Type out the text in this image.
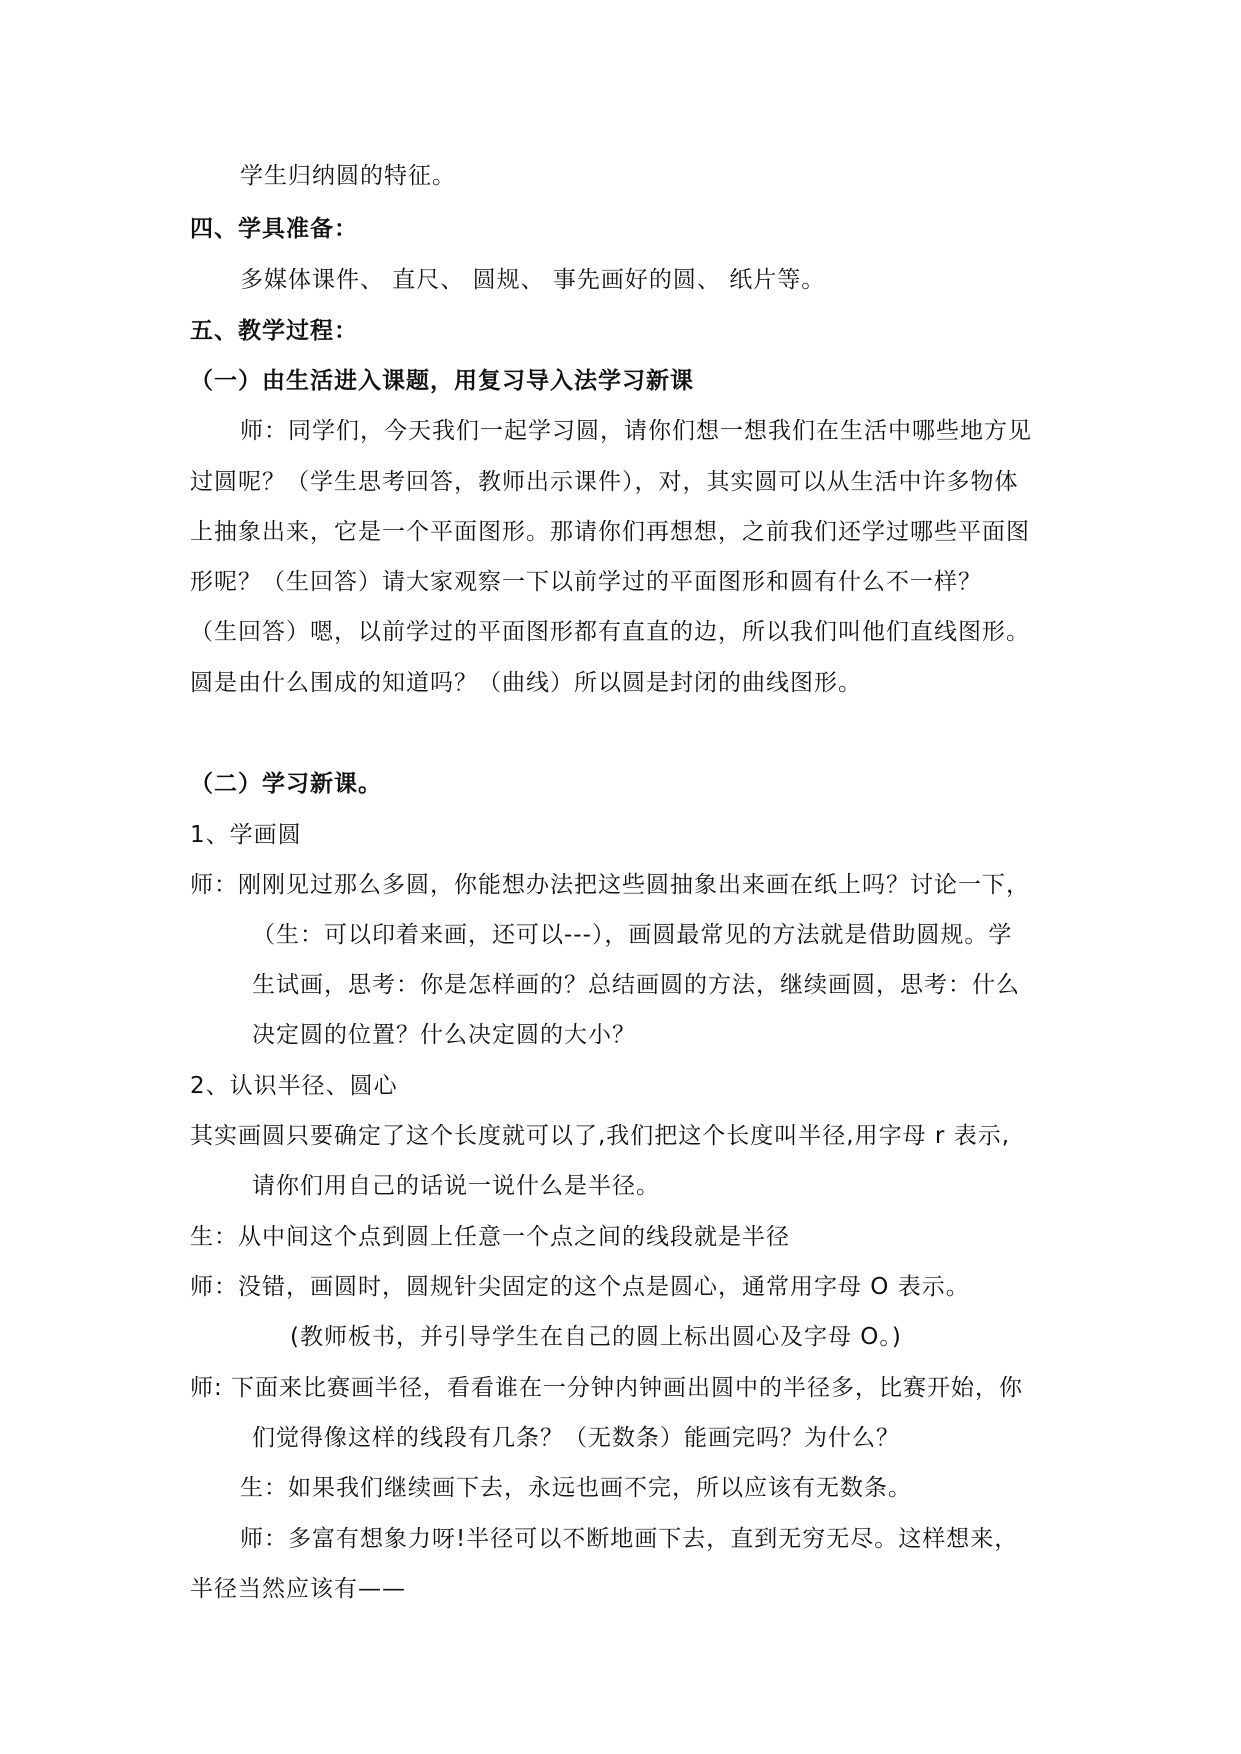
学生归纳圆的特征。
四、学具准备：
多媒体课件、 直尺、 圆规、 事先画好的圆、 纸片等。
五、教学过程：
（一）由生活进入课题，用复习导入法学习新课
师：同学们，今天我们一起学习圆，请你们想一想我们在生活中哪些地方见
过圆呢？（学生思考回答，教师出示课件），对，其实圆可以从生活中许多物体
上抽象出来，它是一个平面图形。那请你们再想想，之前我们还学过哪些平面图
形呢？（生回答）请大家观察一下以前学过的平面图形和圆有什么不一样？
（生回答）嗯，以前学过的平面图形都有直直的边，所以我们叫他们直线图形。
圆是由什么围成的知道吗？（曲线）所以圆是封闭的曲线图形。
（二）学习新课。
1、学画圆
师：刚刚见过那么多圆，你能想办法把这些圆抽象出来画在纸上吗？讨论一下，
（生：可以印着来画，还可以---），画圆最常见的方法就是借助圆规。学
生试画，思考：你是怎样画的？总结画圆的方法，继续画圆，思考：什么
决定圆的位置？什么决定圆的大小？
2、认识半径、圆心
其实画圆只要确定了这个长度就可以了,我们把这个长度叫半径,用字母 r 表示,
请你们用自己的话说一说什么是半径。
生：从中间这个点到圆上任意一个点之间的线段就是半径
师：没错，画圆时，圆规针尖固定的这个点是圆心，通常用字母 O 表示。
(教师板书，并引导学生在自己的圆上标出圆心及字母 O。)
师: 下面来比赛画半径，看看谁在一分钟内钟画出圆中的半径多，比赛开始，你
们觉得像这样的线段有几条？（无数条）能画完吗？为什么？
生：如果我们继续画下去，永远也画不完，所以应该有无数条。
师：多富有想象力呀!半径可以不断地画下去，直到无穷无尽。这样想来，
半径当然应该有——
